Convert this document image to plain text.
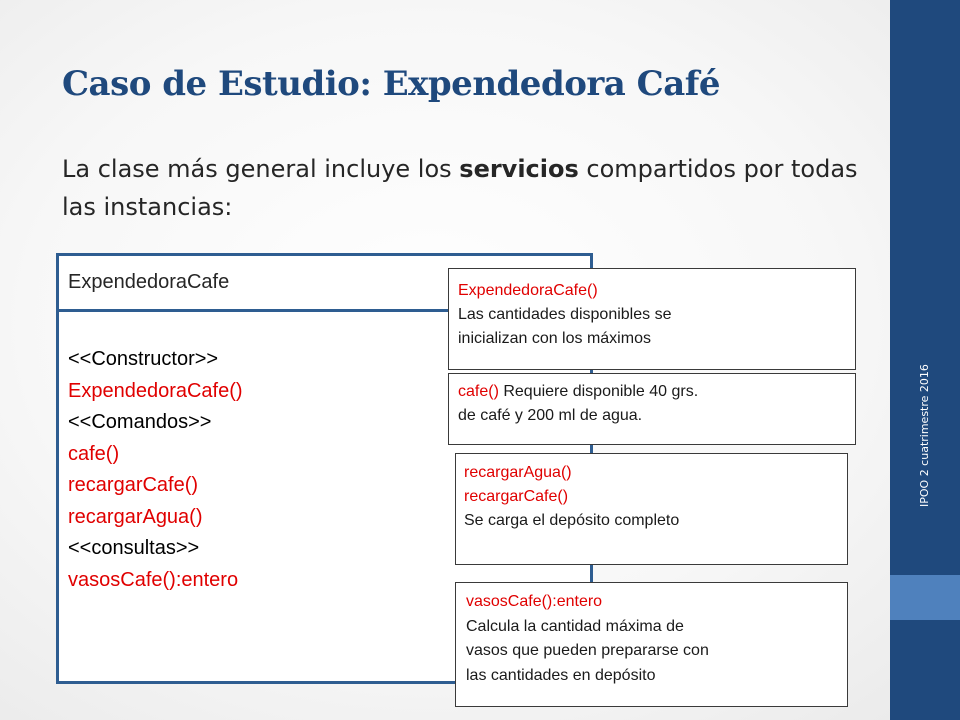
IPOO 2 cuatrimestre 2016
Caso de Estudio: Expendedora Café

La clase más general incluye los servicios compartidos por todas las instancias:

ExpendedoraCafe
<<Constructor>>
ExpendedoraCafe()
<<Comandos>>
cafe()
recargarCafe()
recargarAgua()
<<consultas>>
vasosCafe():entero
ExpendedoraCafe()
Las cantidades disponibles se
inicializan con los máximos
cafe() Requiere disponible 40 grs.
de café y 200 ml de agua.
recargarAgua()
recargarCafe()
Se carga el depósito completo
vasosCafe():entero
Calcula la cantidad máxima de
vasos que pueden prepararse con
las cantidades en depósito
